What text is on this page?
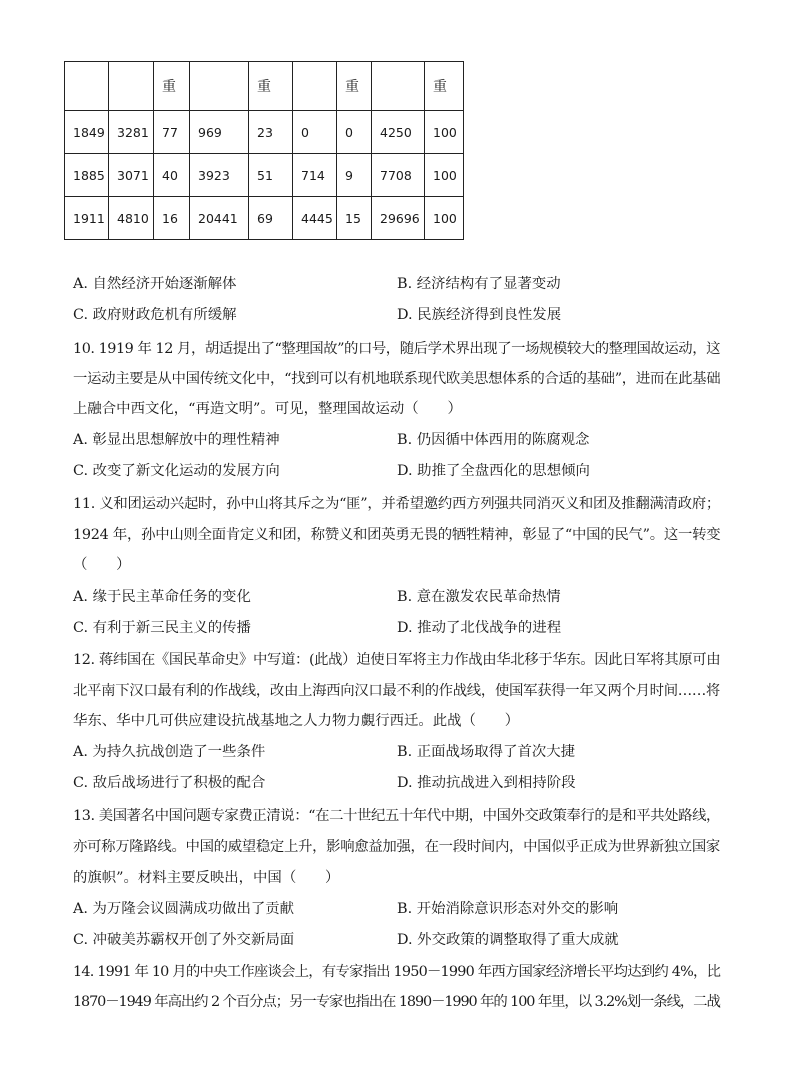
		重		重		重		重
1849	3281	77	969	23	0	0	4250	100
1885	3071	40	3923	51	714	9	7708	100
1911	4810	16	20441	69	4445	15	29696	100
A. 自然经济开始逐渐解体	B. 经济结构有了显著变动
C. 政府财政危机有所缓解	D. 民族经济得到良性发展
10. 1919 年 12 月，胡适提出了“整理国故”的口号，随后学术界出现了一场规模较大的整理国故运动，这
一运动主要是从中国传统文化中，“找到可以有机地联系现代欧美思想体系的合适的基础”，进而在此基础
上融合中西文化，“再造文明”。可见，整理国故运动（　　）
A. 彰显出思想解放中的理性精神	B. 仍因循中体西用的陈腐观念
C. 改变了新文化运动的发展方向	D. 助推了全盘西化的思想倾向
11. 义和团运动兴起时，孙中山将其斥之为“匪”，并希望邀约西方列强共同消灭义和团及推翻满清政府；
1924 年，孙中山则全面肯定义和团，称赞义和团英勇无畏的牺牲精神，彰显了“中国的民气”。这一转变
（　　）
A. 缘于民主革命任务的变化	B. 意在激发农民革命热情
C. 有利于新三民主义的传播	D. 推动了北伐战争的进程
12. 蒋纬国在《国民革命史》中写道：(此战）迫使日军将主力作战由华北移于华东。因此日军将其原可由
北平南下汉口最有利的作战线，改由上海西向汉口最不利的作战线，使国军获得一年又两个月时间……将
华东、华中几可供应建设抗战基地之人力物力覷行西迁。此战（　　）
A. 为持久抗战创造了一些条件	B. 正面战场取得了首次大捷
C. 敌后战场进行了积极的配合	D. 推动抗战进入到相持阶段
13. 美国著名中国问题专家费正清说：“在二十世纪五十年代中期，中国外交政策奉行的是和平共处路线，
亦可称万隆路线。中国的威望稳定上升，影响愈益加强，在一段时间内，中国似乎正成为世界新独立国家
的旗帜”。材料主要反映出，中国（　　）
A. 为万隆会议圆满成功做出了贡献	B. 开始消除意识形态对外交的影响
C. 冲破美苏霸权开创了外交新局面	D. 外交政策的调整取得了重大成就
14. 1991 年 10 月的中央工作座谈会上，有专家指出 1950－1990 年西方国家经济增长平均达到约 4%，比
1870－1949 年高出约 2 个百分点；另一专家也指出在 1890－1990 年的 100 年里，以 3.2%划一条线，二战
